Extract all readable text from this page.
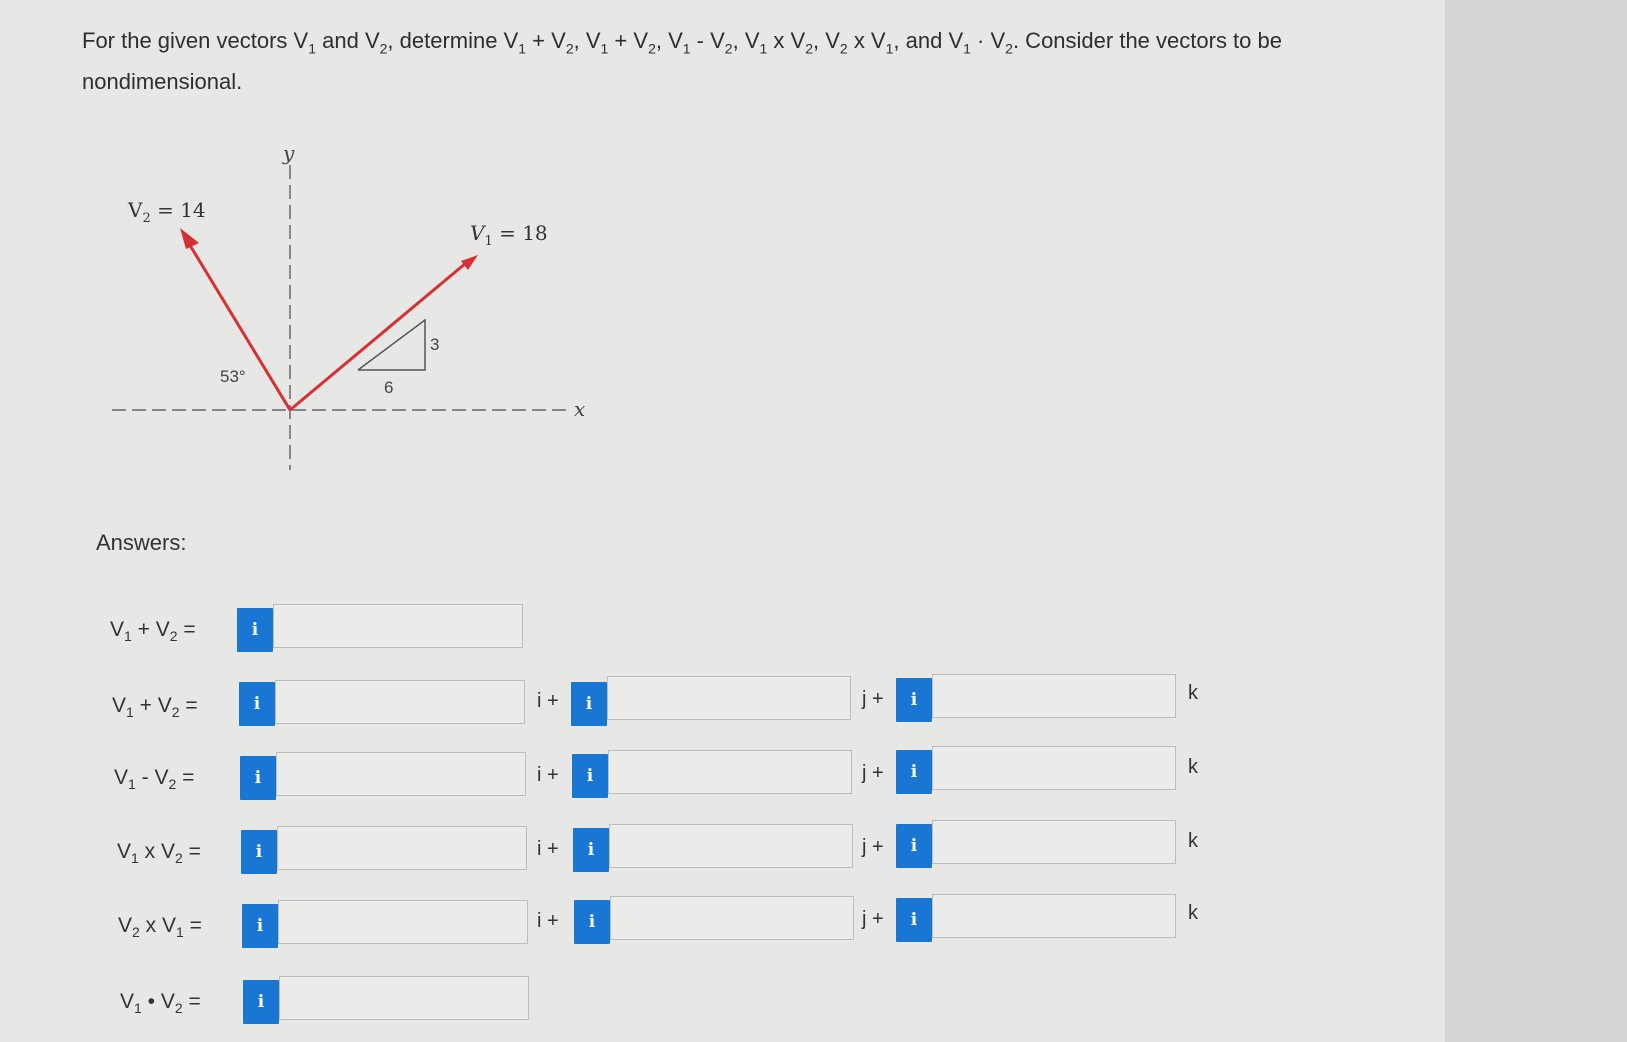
For the given vectors $V_1$ and $V_2$, determine $V_1 + V_2$, $V_1 + V_2$, $V_1 - V_2$, $V_1$ x $V_2$, $V_2$ x $V_1$, and $V_1 \cdot V_2$. Consider the vectors to be
nondimensional.
y
x
6
3
53°
$V_2 = 14$
$V_1 = 18$
Answers:
$V_1 + V_2$ =	i
$V_1 + V_2$ =	i	i + i	j + i	k
$V_1 - V_2$ =	i	i + i	j + i	k
$V_1$ x $V_2$ =	i	i + i	j + i	k
$V_2$ x $V_1$ =	i	i + i	j + i	k
$V_1$ • $V_2$ =	i
